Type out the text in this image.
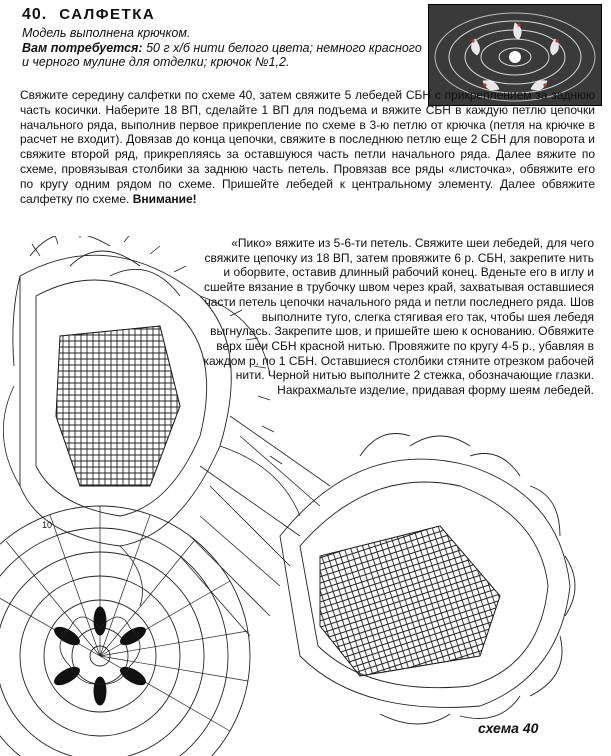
40. САЛФЕТКА
Модель выполнена крючком.
Вам потребуется: 50 г х/б нити белого цвета; немного красного
и черного мулине для отделки; крючок №1,2.
Свяжите середину салфетки по схеме 40, затем свяжите 5 лебедей СБН с прикреплением за заднюю часть косички. Наберите 18 ВП, сделайте 1 ВП для подъема и вяжите СБН в каждую петлю цепочки начального ряда, выполнив первое прикрепление по схеме в 3-ю петлю от крючка (петля на крючке в расчет не входит). Довязав до конца цепочки, свяжите в последнюю петлю еще 2 СБН для поворота и свяжите второй ряд, прикрепляясь за оставшуюся часть петли начального ряда. Далее вяжите по схеме, провязывая столбики за заднюю часть петель. Провязав все ряды «листочка», обвяжите его по кругу одним рядом по схеме. Пришейте лебедей к центральному элементу. Далее обвяжите салфетку по схеме. Внимание!
10
«Пико» вяжите из 5-6-ти петель. Свяжите шеи лебедей, для чего свяжите цепочку из 18 ВП, затем провяжите 6 р. СБН, закрепите нить и оборвите, оставив длинный рабочий конец. Вденьте его в иглу и сшейте вязание в трубочку швом через край, захватывая оставшиеся части петель цепочки начального ряда и петли последнего ряда. Шов выполните туго, слегка стягивая его так, чтобы шея лебедя выгнулась. Закрепите шов, и пришейте шею к основанию. Обвяжите верх шеи СБН красной нитью. Провяжите по кругу 4-5 р., убавляя в каждом р. по 1 СБН. Оставшиеся столбики стяните отрезком рабочей нити. Черной нитью выполните 2 стежка, обозначающие глазки. Накрахмальте изделие, придавая форму шеям лебедей.
схема 40
